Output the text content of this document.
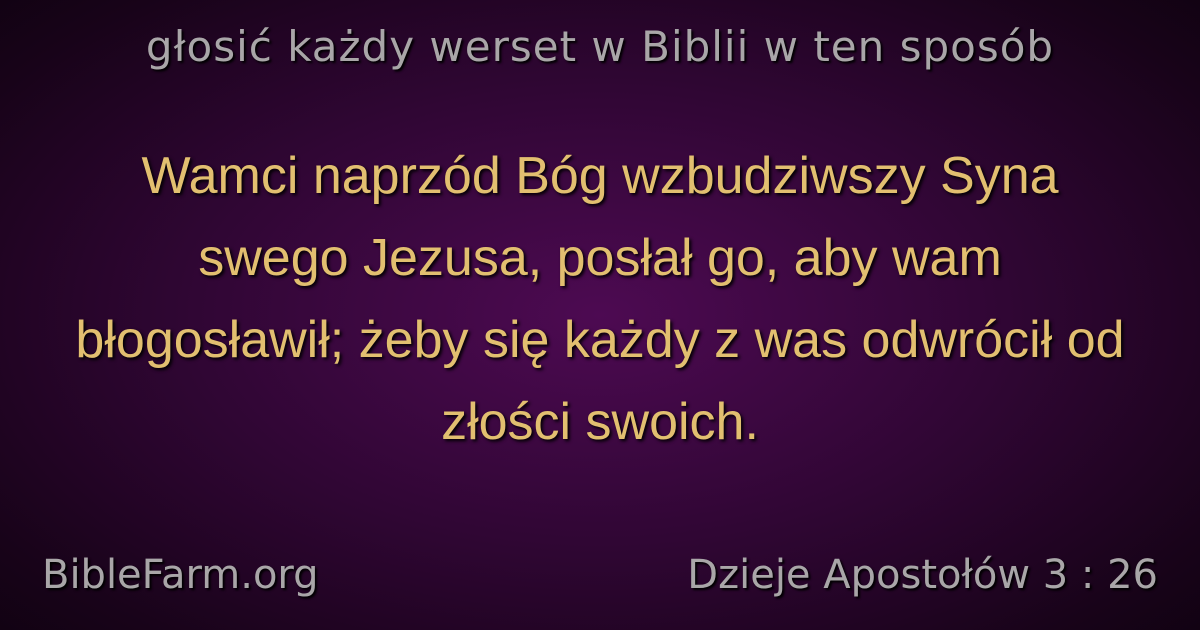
głosić każdy werset w Biblii w ten sposób
Wamci naprzód Bóg wzbudziwszy Syna swego Jezusa, posłał go, aby wam błogosławił; żeby się każdy z was odwrócił od złości swoich.
BibleFarm.org	Dzieje Apostołów 3 : 26
